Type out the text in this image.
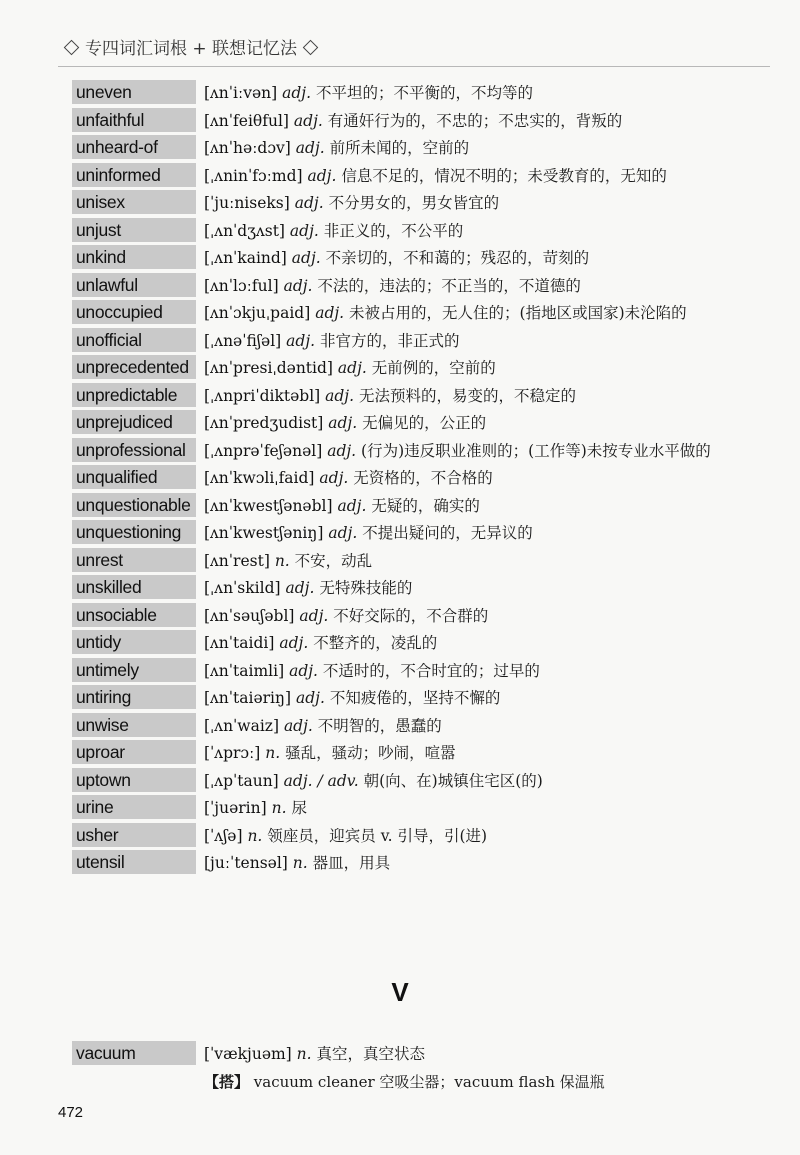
专四词汇词根 + 联想记忆法
uneven	[ʌnˈiːvən] adj. 不平坦的；不平衡的，不均等的
unfaithful	[ʌnˈfeiθful] adj. 有通奸行为的，不忠的；不忠实的，背叛的
unheard-of	[ʌnˈhəːdɔv] adj. 前所未闻的，空前的
uninformed	[ˌʌninˈfɔːmd] adj. 信息不足的，情况不明的；未受教育的，无知的
unisex	[ˈjuːniseks] adj. 不分男女的，男女皆宜的
unjust	[ˌʌnˈdʒʌst] adj. 非正义的，不公平的
unkind	[ˌʌnˈkaind] adj. 不亲切的，不和蔼的；残忍的，苛刻的
unlawful	[ʌnˈlɔːful] adj. 不法的，违法的；不正当的，不道德的
unoccupied	[ʌnˈɔkjuˌpaid] adj. 未被占用的，无人住的；(指地区或国家)未沦陷的
unofficial	[ˌʌnəˈfiʃəl] adj. 非官方的，非正式的
unprecedented [ʌnˈpresiˌdəntid] adj. 无前例的，空前的
unpredictable	[ˌʌnpriˈdiktəbl] adj. 无法预料的，易变的，不稳定的
unprejudiced	[ʌnˈpredʒudist] adj. 无偏见的，公正的
unprofessional	[ˌʌnprəˈfeʃənəl] adj. (行为)违反职业准则的；(工作等)未按专业水平做的
unqualified	[ʌnˈkwɔliˌfaid] adj. 无资格的，不合格的
unquestionable [ʌnˈkwestʃənəbl] adj. 无疑的，确实的
unquestioning	[ʌnˈkwestʃəniŋ] adj. 不提出疑问的，无异议的
unrest	[ʌnˈrest] n. 不安，动乱
unskilled	[ˌʌnˈskild] adj. 无特殊技能的
unsociable	[ʌnˈsəuʃəbl] adj. 不好交际的，不合群的
untidy	[ʌnˈtaidi] adj. 不整齐的，凌乱的
untimely	[ʌnˈtaimli] adj. 不适时的，不合时宜的；过早的
untiring	[ʌnˈtaiəriŋ] adj. 不知疲倦的，坚持不懈的
unwise	[ˌʌnˈwaiz] adj. 不明智的，愚蠢的
uproar	[ˈʌprɔː] n. 骚乱，骚动；吵闹，喧嚣
uptown	[ˌʌpˈtaun] adj. / adv. 朝(向、在)城镇住宅区(的)
urine	[ˈjuərin] n. 尿
usher	[ˈʌʃə] n. 领座员，迎宾员 v. 引导，引(进)
utensil	[juːˈtensəl] n. 器皿，用具
V
vacuum	[ˈvækjuəm] n. 真空，真空状态
【搭】 vacuum cleaner 空吸尘器；vacuum flash 保温瓶
472
